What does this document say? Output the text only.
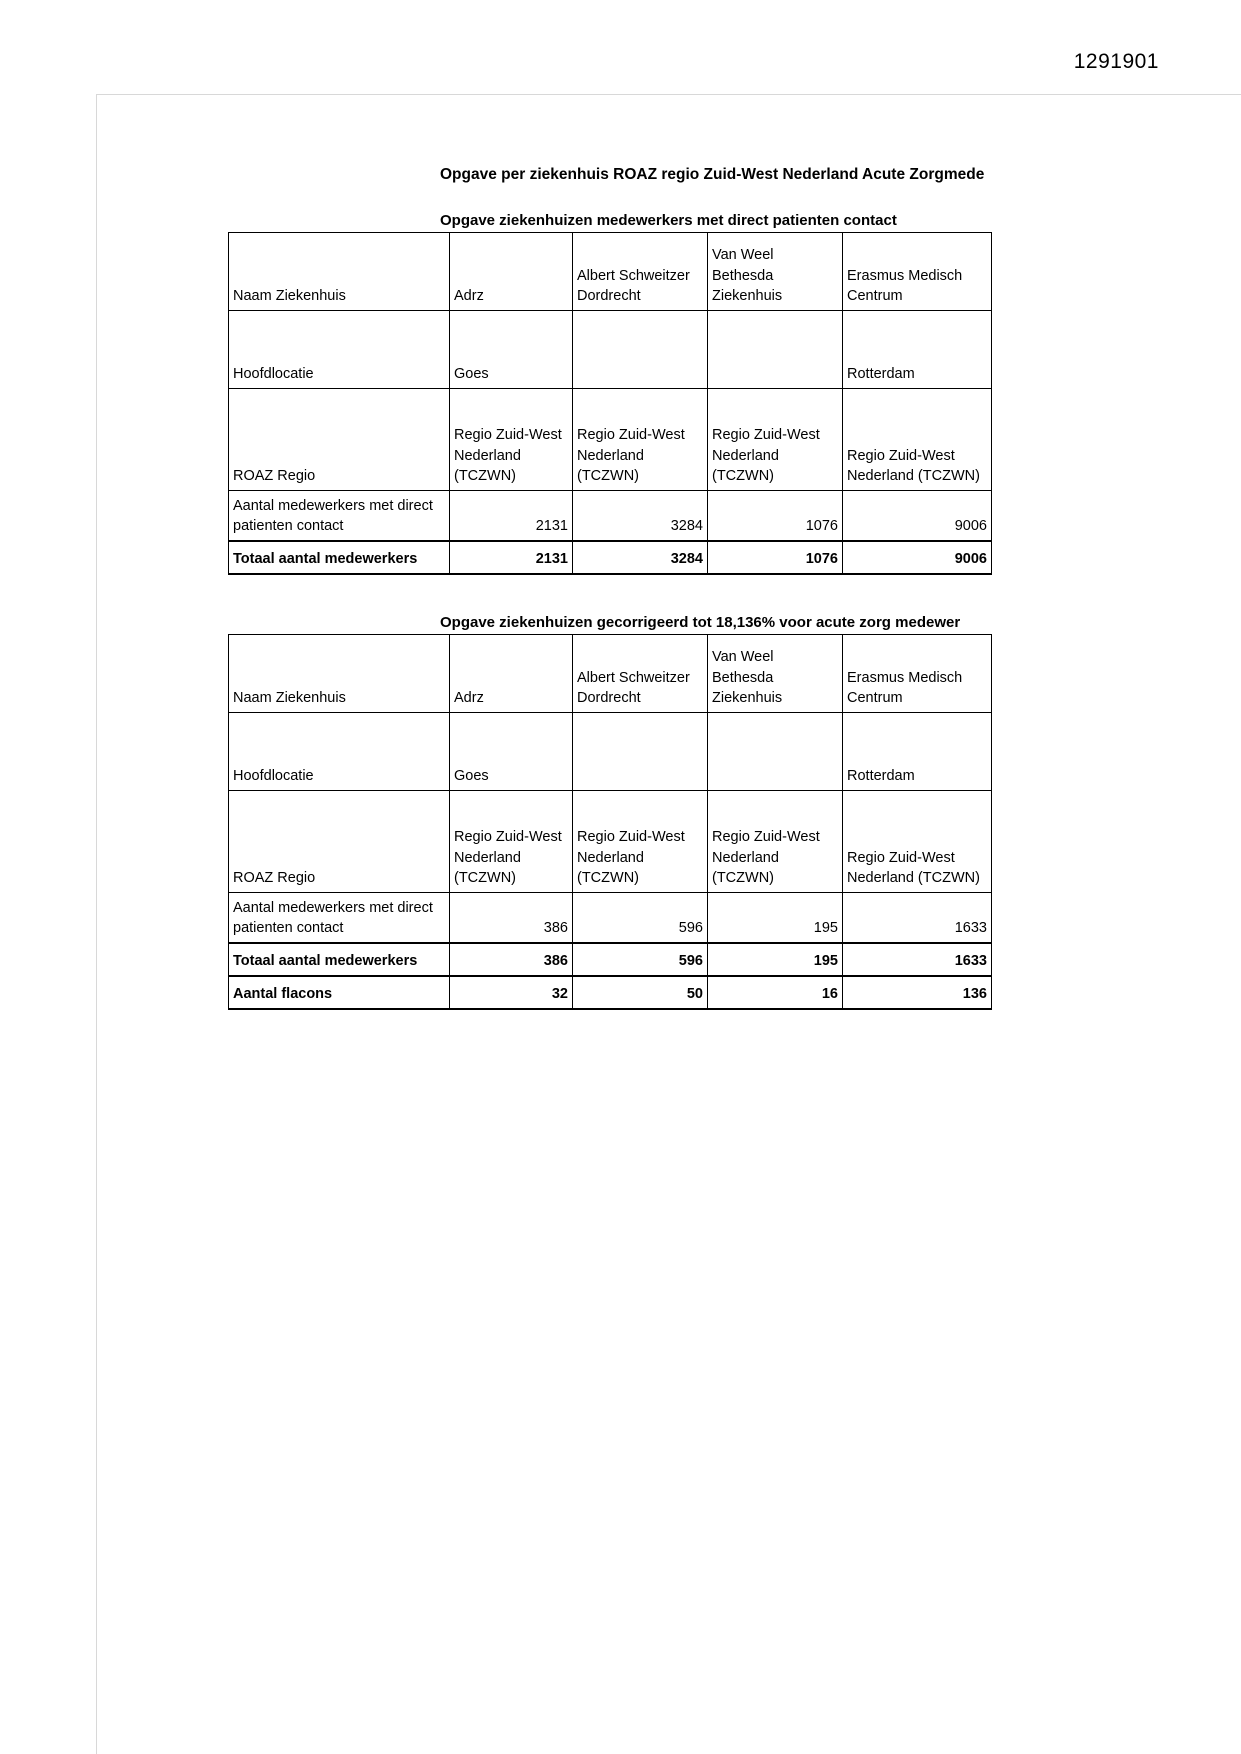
1291901
Opgave per ziekenhuis ROAZ regio Zuid-West Nederland Acute Zorgmede
Opgave ziekenhuizen medewerkers met direct patienten contact
Naam Ziekenhuis	Adrz	Albert Schweitzer Dordrecht	Van Weel Bethesda Ziekenhuis	Erasmus Medisch Centrum
Hoofdlocatie	Goes			Rotterdam
ROAZ Regio	Regio Zuid-West Nederland (TCZWN)	Regio Zuid-West Nederland (TCZWN)	Regio Zuid-West Nederland (TCZWN)	Regio Zuid-West Nederland (TCZWN)
Aantal medewerkers met direct patienten contact	2131	3284	1076	9006
Totaal aantal medewerkers	2131	3284	1076	9006
Opgave ziekenhuizen gecorrigeerd tot 18,136% voor acute zorg medewer
Naam Ziekenhuis	Adrz	Albert Schweitzer Dordrecht	Van Weel Bethesda Ziekenhuis	Erasmus Medisch Centrum
Hoofdlocatie	Goes			Rotterdam
ROAZ Regio	Regio Zuid-West Nederland (TCZWN)	Regio Zuid-West Nederland (TCZWN)	Regio Zuid-West Nederland (TCZWN)	Regio Zuid-West Nederland (TCZWN)
Aantal medewerkers met direct patienten contact	386	596	195	1633
Totaal aantal medewerkers	386	596	195	1633
Aantal flacons	32	50	16	136
